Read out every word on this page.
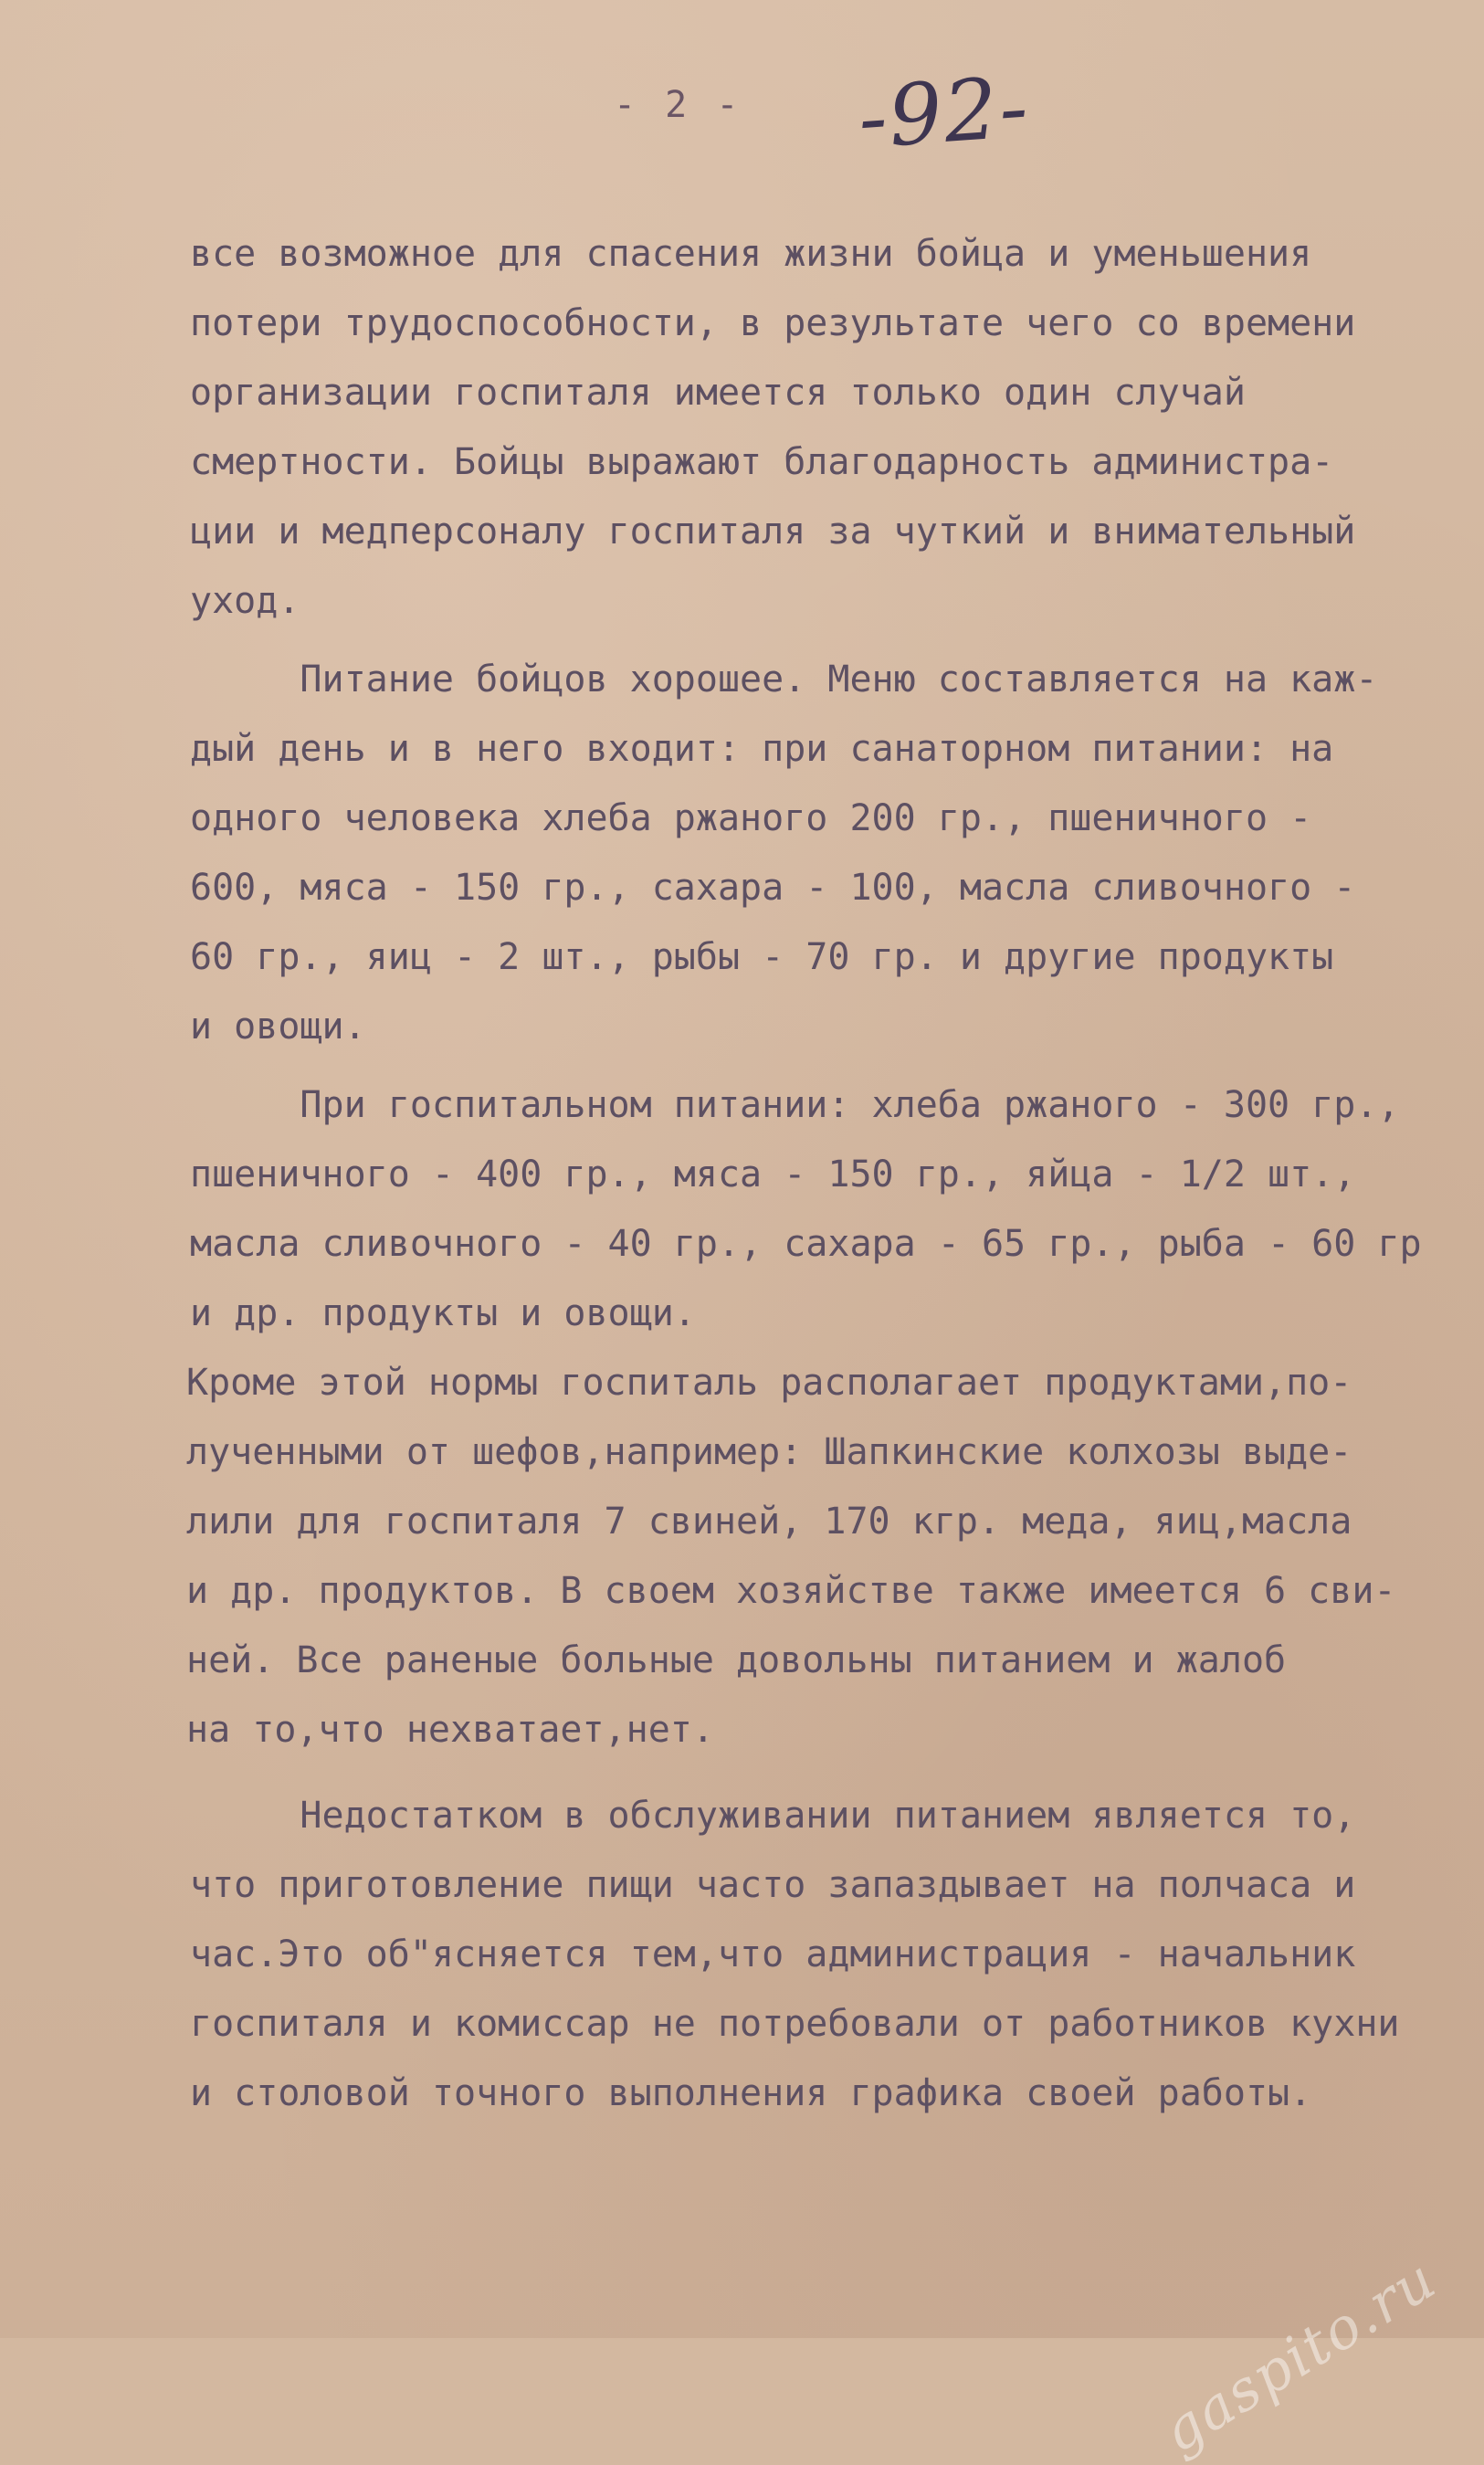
- 2 - -92-
все возможное для спасения жизни бойца и уменьшения
потери трудоспособности, в результате чего со времени
организации госпиталя имеется только один случай
смертности. Бойцы выражают благодарность администра-
ции и медперсоналу госпиталя за чуткий и внимательный
уход.
Питание бойцов хорошее. Меню составляется на каж-
дый день и в него входит: при санаторном питании: на
одного человека хлеба ржаного 200 гр., пшеничного -
600, мяса - 150 гр., сахара - 100, масла сливочного -
60 гр., яиц - 2 шт., рыбы - 70 гр. и другие продукты
и овощи.
При госпитальном питании: хлеба ржаного - 300 гр.,
пшеничного - 400 гр., мяса - 150 гр., яйца - 1/2 шт.,
масла сливочного - 40 гр., сахара - 65 гр., рыба - 60 гр
и др. продукты и овощи.
Кроме этой нормы госпиталь располагает продуктами,по-
лученными от шефов,например: Шапкинские колхозы выде-
лили для госпиталя 7 свиней, 170 кгр. меда, яиц,масла
и др. продуктов. В своем хозяйстве также имеется 6 сви-
ней. Все раненые больные довольны питанием и жалоб
на то,что нехватает,нет.
Недостатком в обслуживании питанием является то,
что приготовление пищи часто запаздывает на полчаса и
час.Это об"ясняется тем,что администрация - начальник
госпиталя и комиссар не потребовали от работников кухни
и столовой точного выполнения графика своей работы.
gaspito.ru
